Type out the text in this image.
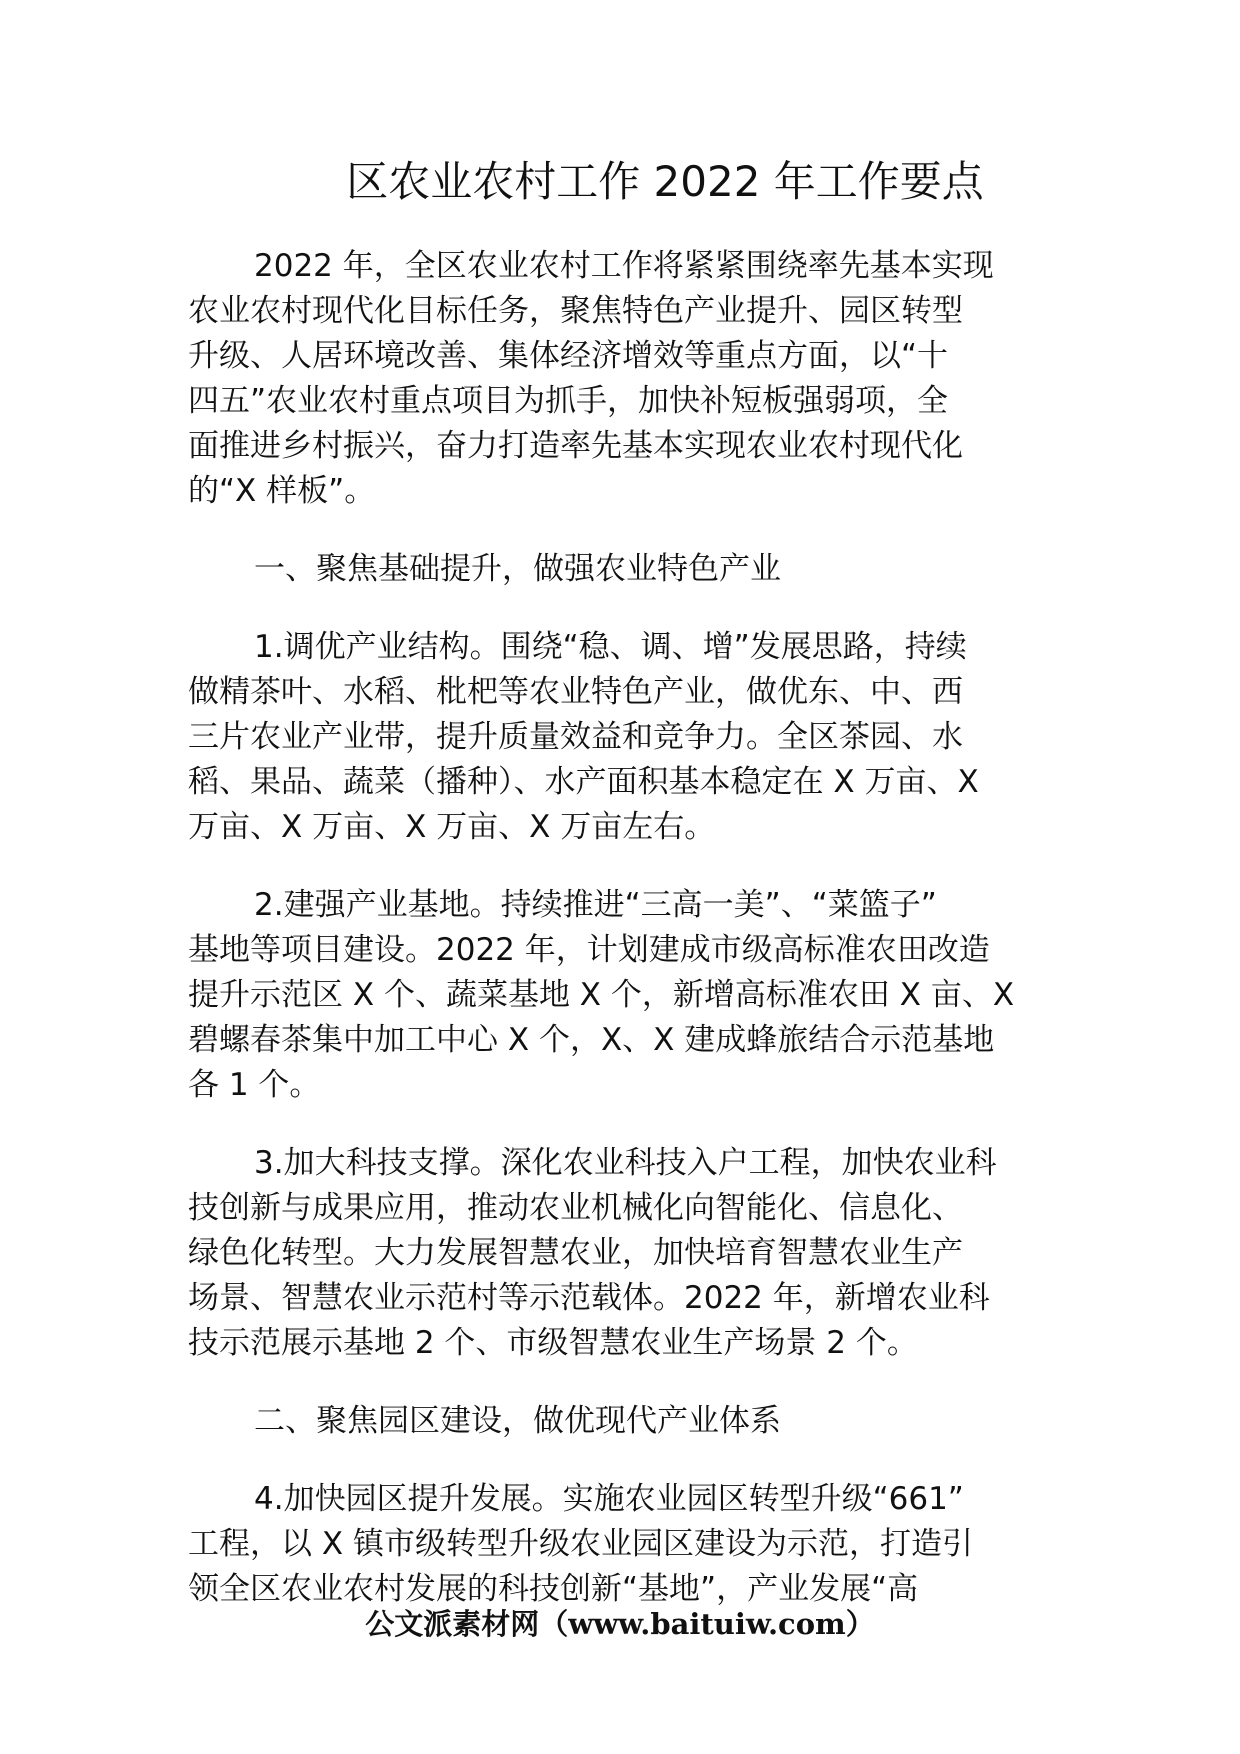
区农业农村工作 2022 年工作要点
2022 年，全区农业农村工作将紧紧围绕率先基本实现
农业农村现代化目标任务，聚焦特色产业提升、园区转型
升级、人居环境改善、集体经济增效等重点方面，以“十
四五”农业农村重点项目为抓手，加快补短板强弱项，全
面推进乡村振兴，奋力打造率先基本实现农业农村现代化
的“X 样板”。
一、聚焦基础提升，做强农业特色产业
1.调优产业结构。围绕“稳、调、增”发展思路，持续
做精茶叶、水稻、枇杷等农业特色产业，做优东、中、西
三片农业产业带，提升质量效益和竞争力。全区茶园、水
稻、果品、蔬菜（播种）、水产面积基本稳定在 X 万亩、X
万亩、X 万亩、X 万亩、X 万亩左右。
2.建强产业基地。持续推进“三高一美”、“菜篮子”
基地等项目建设。2022 年，计划建成市级高标准农田改造
提升示范区 X 个、蔬菜基地 X 个，新增高标准农田 X 亩、X
碧螺春茶集中加工中心 X 个，X、X 建成蜂旅结合示范基地
各 1 个。
3.加大科技支撑。深化农业科技入户工程，加快农业科
技创新与成果应用，推动农业机械化向智能化、信息化、
绿色化转型。大力发展智慧农业，加快培育智慧农业生产
场景、智慧农业示范村等示范载体。2022 年，新增农业科
技示范展示基地 2 个、市级智慧农业生产场景 2 个。
二、聚焦园区建设，做优现代产业体系
4.加快园区提升发展。实施农业园区转型升级“661”
工程，以 X 镇市级转型升级农业园区建设为示范，打造引
领全区农业农村发展的科技创新“基地”，产业发展“高
公文派素材网（www.baituiw.com）
